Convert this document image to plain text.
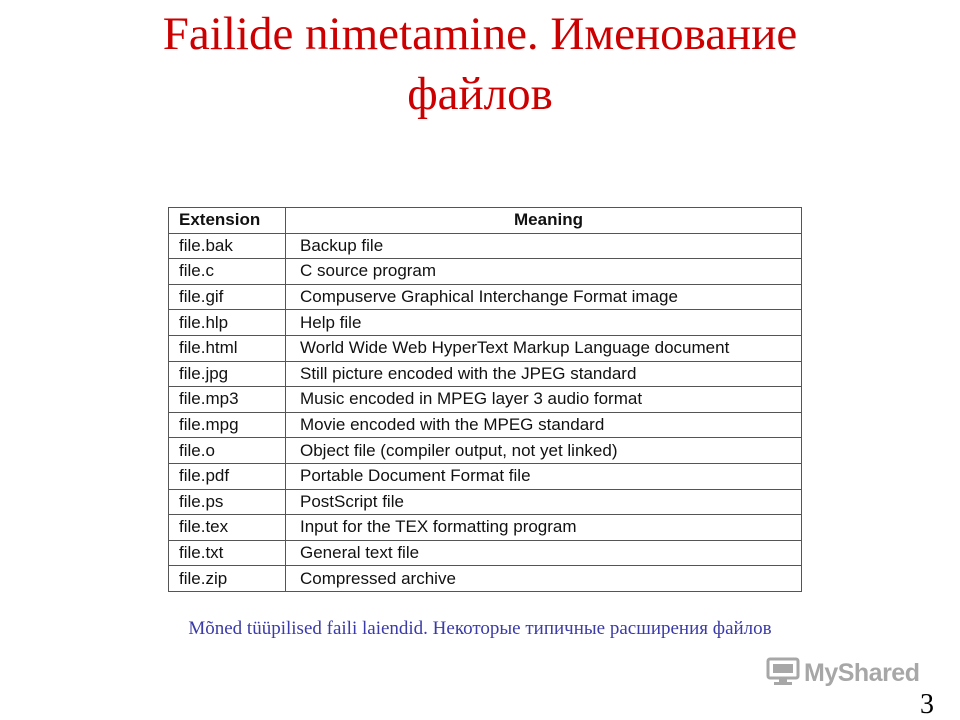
Failide nimetamine. Именование
файлов
Extension	Meaning
file.bak	Backup file
file.c	C source program
file.gif	Compuserve Graphical Interchange Format image
file.hlp	Help file
file.html	World Wide Web HyperText Markup Language document
file.jpg	Still picture encoded with the JPEG standard
file.mp3	Music encoded in MPEG layer 3 audio format
file.mpg	Movie encoded with the MPEG standard
file.o	Object file (compiler output, not yet linked)
file.pdf	Portable Document Format file
file.ps	PostScript file
file.tex	Input for the TEX formatting program
file.txt	General text file
file.zip	Compressed archive
Mõned tüüpilised faili laiendid. Некоторые типичные расширения файлов
MyShared
3
